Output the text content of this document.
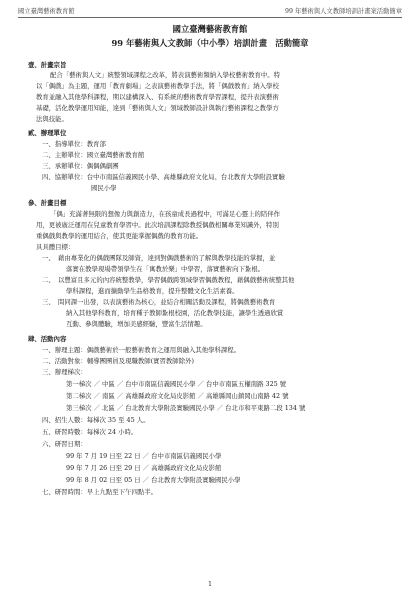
國立臺灣藝術教育館	99 年藝術與人文教師培訓計畫案活動簡章
國立臺灣藝術教育館
99 年藝術與人文教師（中小學）培訓計畫　活動簡章
壹、計畫宗旨
配合「藝術與人文」統整領域課程之改革，將表演藝術類納入學校藝術教育中。特
以「偶戲」為主題，運用「教育劇場」之表演藝術教學手法，將「偶戲教育」納入學校
教育並融入其他學科課程，期以建構深入、有系統的藝術教育學習課程，提升表演藝術
基礎，活化教學運用知能，達到「藝術與人文」領域教師設計與執行藝術課程之教學方
法與技能。
貳、辦理單位
一、指導單位：教育部
二、主辦單位：國立臺灣藝術教育館
三、承辦單位：偶偶偶劇團
四、協辦單位：台中市南區信義國民小學、高雄縣政府文化局、台北教育大學附設實驗
國民小學
參、計畫目標
「偶」充滿著無限的想像力與創造力，在孩童成長過程中，可滿足心靈上的陪伴作
用，更被廣泛運用在兒童教育學習中。此次培訓課程除教授偶戲相關專業知識外，特別
重偶戲與教學的運用結合，使其更能掌握偶戲的教育功能。
具具體目標：
一、　藉由專業化的偶戲團隊及師資，達到對偶戲藝術的了解與教學技能的掌握，並
落實在教學現場帶領學生在「寓教於樂」中學習，落實藝術向下紮根。
二、　以豐富且多元的內容統整教學，學習偶戲跨領域學習偶戲教程，藉偶戲藝術統整其他
學科課程，進而擴動學生品格教育，提升整體文化生活素養。
三、　問同課一出發，以表演藝術為核心，並結合相關活動及課程，將偶戲藝術教育
納入其他學科教育，培育種子教師紮根校園，活化教學技能，讓學生透過欣賞
互動、參與體驗，增加美感經驗，豐富生活情趣。
肆、活動內容
一、辦理主題：偶戲藝術於一般藝術教育之運用與融入其他學科課程。
二、活動對象：輔導團團員及現職教師(實習教師除外)
三、辦理梯次：
第一梯次 ／ 中區 ／ 台中市南區信義國民小學 ／ 台中市南區五權南路 325 號
第二梯次 ／ 南區 ／ 高雄縣政府文化局皮影館 ／ 高雄縣岡山鎮岡山南路 42 號
第三梯次 ／ 北區 ／ 台北教育大學附設實驗國民小學 ／ 台北市和平東路二段 134 號
四、招生人數：每梯次 35 至 45 人。
五、研習時數：每梯次 24 小時。
六、研習日期：
99 年 7 月 19 日至 22 日 ／ 台中市南區信義國民小學
99 年 7 月 26 日至 29 日 ／ 高雄縣政府文化局皮影館
99 年 8 月 02 日至 05 日 ／ 台北教育大學附設實驗國民小學
七、研習時間：早上九點至下午四點半。
1
